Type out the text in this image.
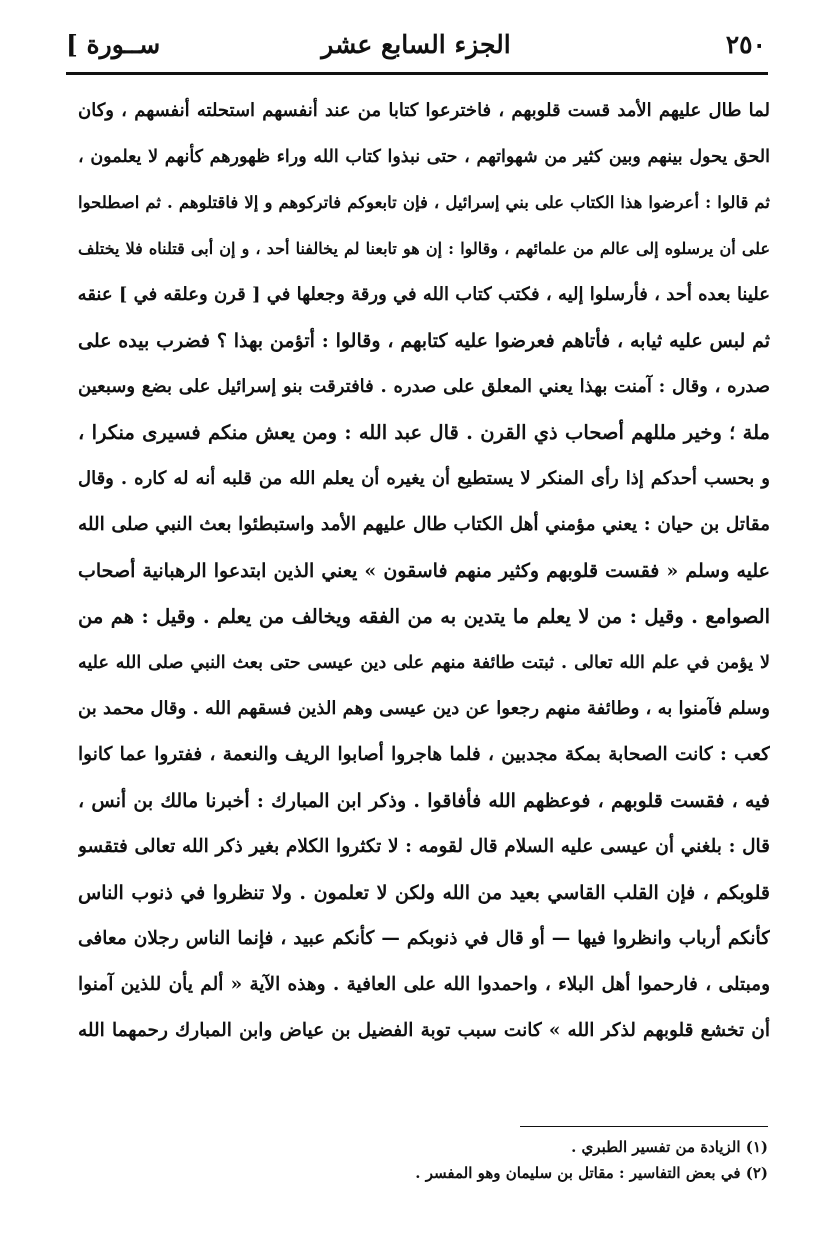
[ ســورة	الجزء السابع عشر	٢٥٠
لما طال عليهم الأمد قست قلوبهم ، فاخترعوا كتابا من عند أنفسهم استحلته أنفسهم ، وكان
الحق يحول بينهم وبين كثير من شهواتهم ، حتى نبذوا كتاب الله وراء ظهورهم كأنهم لا يعلمون ،
ثم قالوا : أعرضوا هذا الكتاب على بني إسرائيل ، فإن تابعوكم فاتركوهم و إلا فاقتلوهم . ثم اصطلحوا
على أن يرسلوه إلى عالم من علمائهم ، وقالوا : إن هو تابعنا لم يخالفنا أحد ، و إن أبى قتلناه فلا يختلف
علينا بعده أحد ، فأرسلوا إليه ، فكتب كتاب الله في ورقة وجعلها في [ قرن وعلقه في ] عنقه
ثم لبس عليه ثيابه ، فأتاهم فعرضوا عليه كتابهم ، وقالوا : أتؤمن بهذا ؟ فضرب بيده على
صدره ، وقال : آمنت بهذا يعني المعلق على صدره . فافترقت بنو إسرائيل على بضع وسبعين
ملة ؛ وخير مللهم أصحاب ذي القرن . قال عبد الله : ومن يعش منكم فسيرى منكرا ،
و بحسب أحدكم إذا رأى المنكر لا يستطيع أن يغيره أن يعلم الله من قلبه أنه له كاره . وقال
مقاتل بن حيان : يعني مؤمني أهل الكتاب طال عليهم الأمد واستبطئوا بعث النبي صلى الله
عليه وسلم « فقست قلوبهم وكثير منهم فاسقون » يعني الذين ابتدعوا الرهبانية أصحاب
الصوامع . وقيل : من لا يعلم ما يتدين به من الفقه ويخالف من يعلم . وقيل : هم من
لا يؤمن في علم الله تعالى . ثبتت طائفة منهم على دين عيسى حتى بعث النبي صلى الله عليه
وسلم فآمنوا به ، وطائفة منهم رجعوا عن دين عيسى وهم الذين فسقهم الله . وقال محمد بن
كعب : كانت الصحابة بمكة مجدبين ، فلما هاجروا أصابوا الريف والنعمة ، ففتروا عما كانوا
فيه ، فقست قلوبهم ، فوعظهم الله فأفاقوا . وذكر ابن المبارك : أخبرنا مالك بن أنس ،
قال : بلغني أن عيسى عليه السلام قال لقومه : لا تكثروا الكلام بغير ذكر الله تعالى فتقسو
قلوبكم ، فإن القلب القاسي بعيد من الله ولكن لا تعلمون . ولا تنظروا في ذنوب الناس
كأنكم أرباب وانظروا فيها — أو قال في ذنوبكم — كأنكم عبيد ، فإنما الناس رجلان معافى
ومبتلى ، فارحموا أهل البلاء ، واحمدوا الله على العافية . وهذه الآية « ألم يأن للذين آمنوا
أن تخشع قلوبهم لذكر الله » كانت سبب توبة الفضيل بن عياض وابن المبارك رحمهما الله
(١) الزيادة من تفسير الطبري .
(٢) في بعض التفاسير : مقاتل بن سليمان وهو المفسر .
